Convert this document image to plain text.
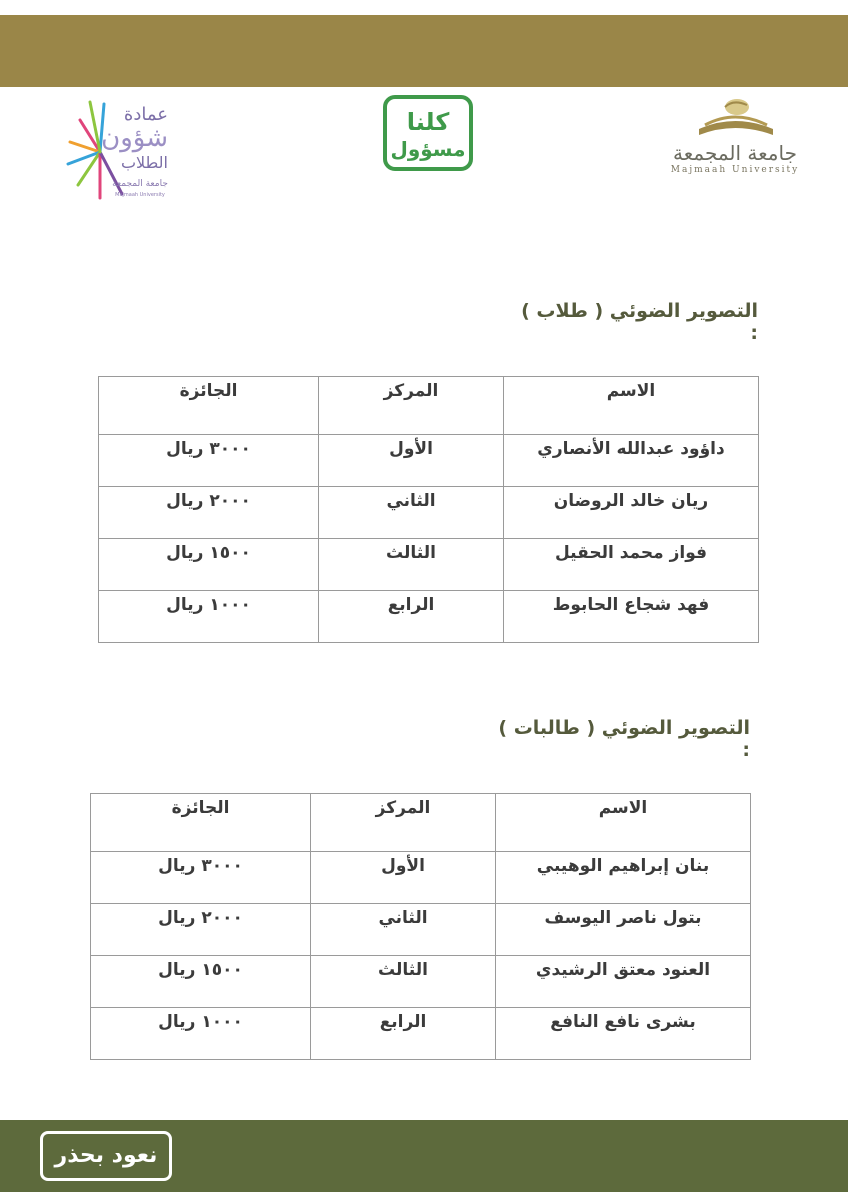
عمادة
شؤون
الطلاب
جامعة المجمعة
Majmaah University
كلنا
مسؤول	جامعة المجمعة
Majmaah University
التصوير الضوئي ( طلاب ) :
الاسم	المركز	الجائزة
داؤود عبدالله الأنصاري	الأول	٣٠٠٠ ريال
ريان خالد الروضان	الثاني	٢٠٠٠ ريال
فواز محمد الحقيل	الثالث	١٥٠٠ ريال
فهد شجاع الحابوط	الرابع	١٠٠٠ ريال
التصوير الضوئي ( طالبات ) :
الاسم	المركز	الجائزة
بنان إبراهيم الوهيبي	الأول	٣٠٠٠ ريال
بتول ناصر اليوسف	الثاني	٢٠٠٠ ريال
العنود معتق الرشيدي	الثالث	١٥٠٠ ريال
بشرى نافع النافع	الرابع	١٠٠٠ ريال
نعود بحذر
